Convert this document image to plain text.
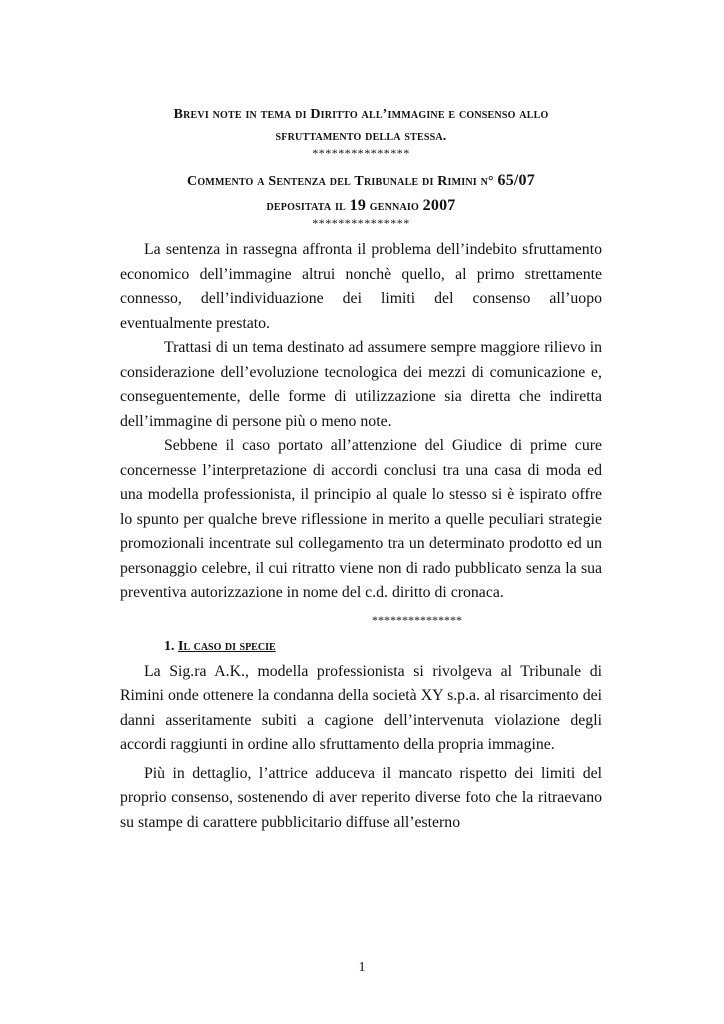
Brevi note in tema di Diritto all’immagine e consenso allo
sfruttamento della stessa.
***************
Commento a Sentenza del Tribunale di Rimini n° 65/07
depositata il 19 gennaio 2007
***************

La sentenza in rassegna affronta il problema dell’indebito sfruttamento economico dell’immagine altrui nonchè quello, al primo strettamente connesso, dell’individuazione dei limiti del consenso all’uopo eventualmente prestato.

Trattasi di un tema destinato ad assumere sempre maggiore rilievo in considerazione dell’evoluzione tecnologica dei mezzi di comunicazione e, conseguentemente, delle forme di utilizzazione sia diretta che indiretta dell’immagine di persone più o meno note.

Sebbene il caso portato all’attenzione del Giudice di prime cure concernesse l’interpretazione di accordi conclusi tra una casa di moda ed una modella professionista, il principio al quale lo stesso si è ispirato offre lo spunto per qualche breve riflessione in merito a quelle peculiari strategie promozionali incentrate sul collegamento tra un determinato prodotto ed un personaggio celebre, il cui ritratto viene non di rado pubblicato senza la sua preventiva autorizzazione in nome del c.d. diritto di cronaca.

***************
1. Il caso di specie

La Sig.ra A.K., modella professionista si rivolgeva al Tribunale di Rimini onde ottenere la condanna della società XY s.p.a. al risarcimento dei danni asseritamente subiti a cagione dell’intervenuta violazione degli accordi raggiunti in ordine allo sfruttamento della propria immagine.

Più in dettaglio, l’attrice adduceva il mancato rispetto dei limiti del proprio consenso, sostenendo di aver reperito diverse foto che la ritraevano su stampe di carattere pubblicitario diffuse all’esterno

1
